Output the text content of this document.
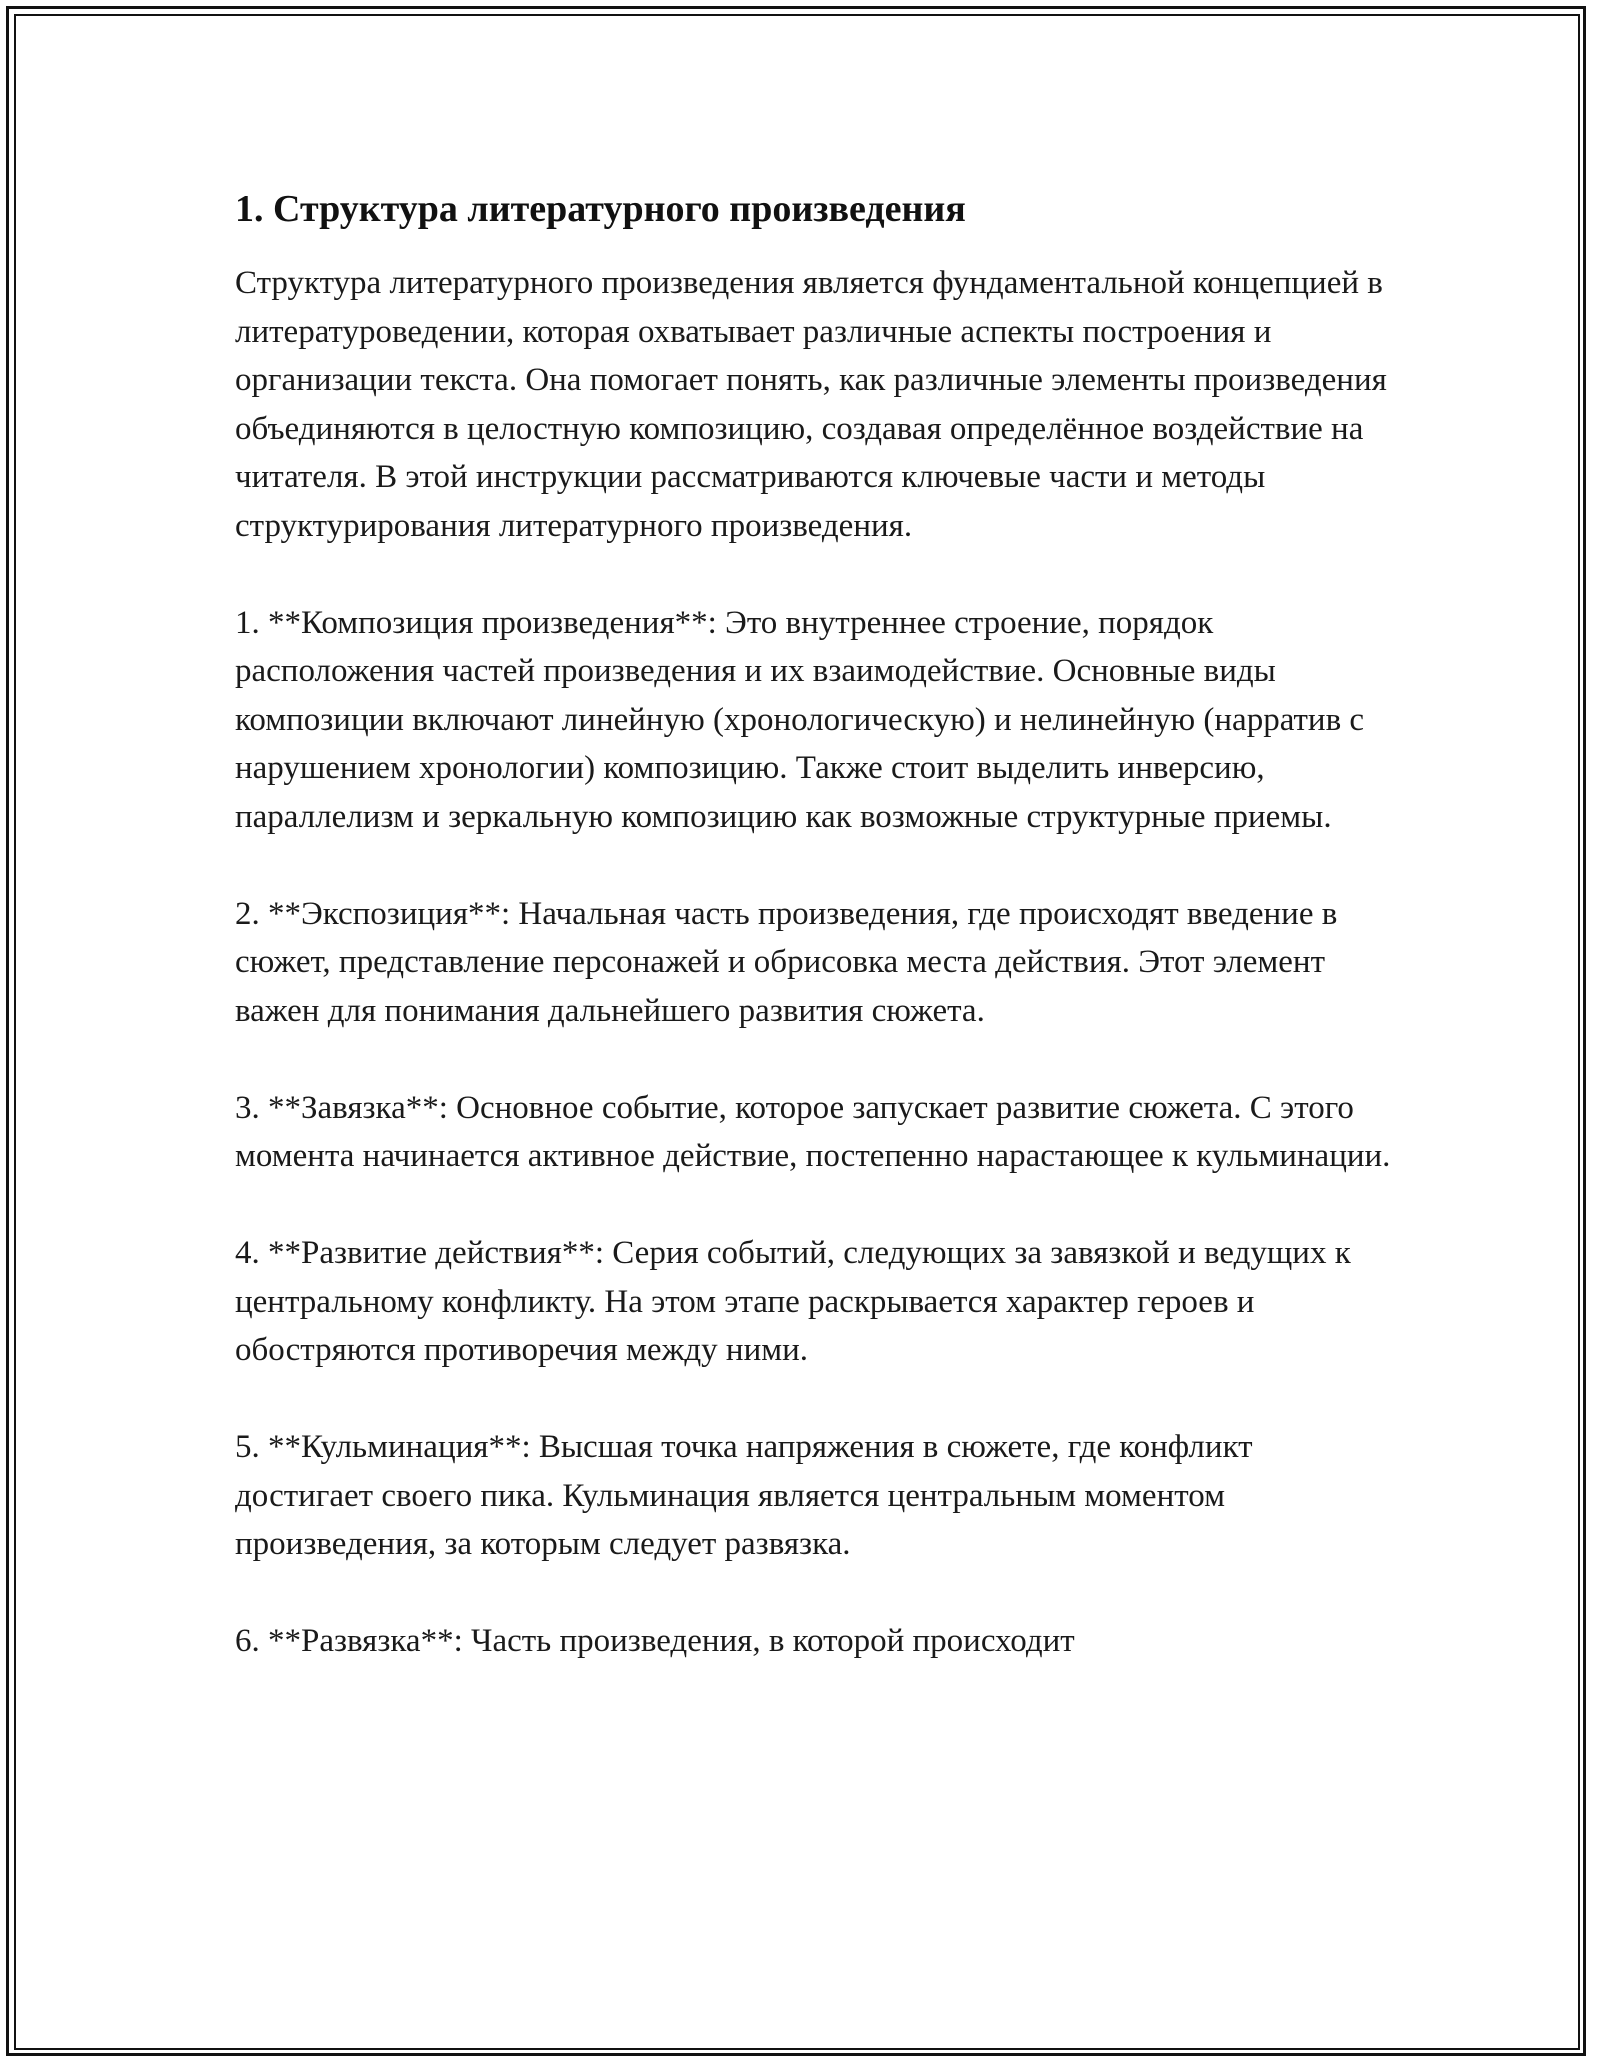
1. Структура литературного произведения

Структура литературного произведения является фундаментальной концепцией в литературоведении, которая охватывает различные аспекты построения и организации текста. Она помогает понять, как различные элементы произведения объединяются в целостную композицию, создавая определённое воздействие на читателя. В этой инструкции рассматриваются ключевые части и методы структурирования литературного произведения.

1. **Композиция произведения**: Это внутреннее строение, порядок расположения частей произведения и их взаимодействие. Основные виды композиции включают линейную (хронологическую) и нелинейную (нарратив с нарушением хронологии) композицию. Также стоит выделить инверсию, параллелизм и зеркальную композицию как возможные структурные приемы.

2. **Экспозиция**: Начальная часть произведения, где происходят введение в сюжет, представление персонажей и обрисовка места действия. Этот элемент важен для понимания дальнейшего развития сюжета.

3. **Завязка**: Основное событие, которое запускает развитие сюжета. С этого момента начинается активное действие, постепенно нарастающее к кульминации.

4. **Развитие действия**: Серия событий, следующих за завязкой и ведущих к центральному конфликту. На этом этапе раскрывается характер героев и обостряются противоречия между ними.

5. **Кульминация**: Высшая точка напряжения в сюжете, где конфликт достигает своего пика. Кульминация является центральным моментом произведения, за которым следует развязка.

6. **Развязка**: Часть произведения, в которой происходит
